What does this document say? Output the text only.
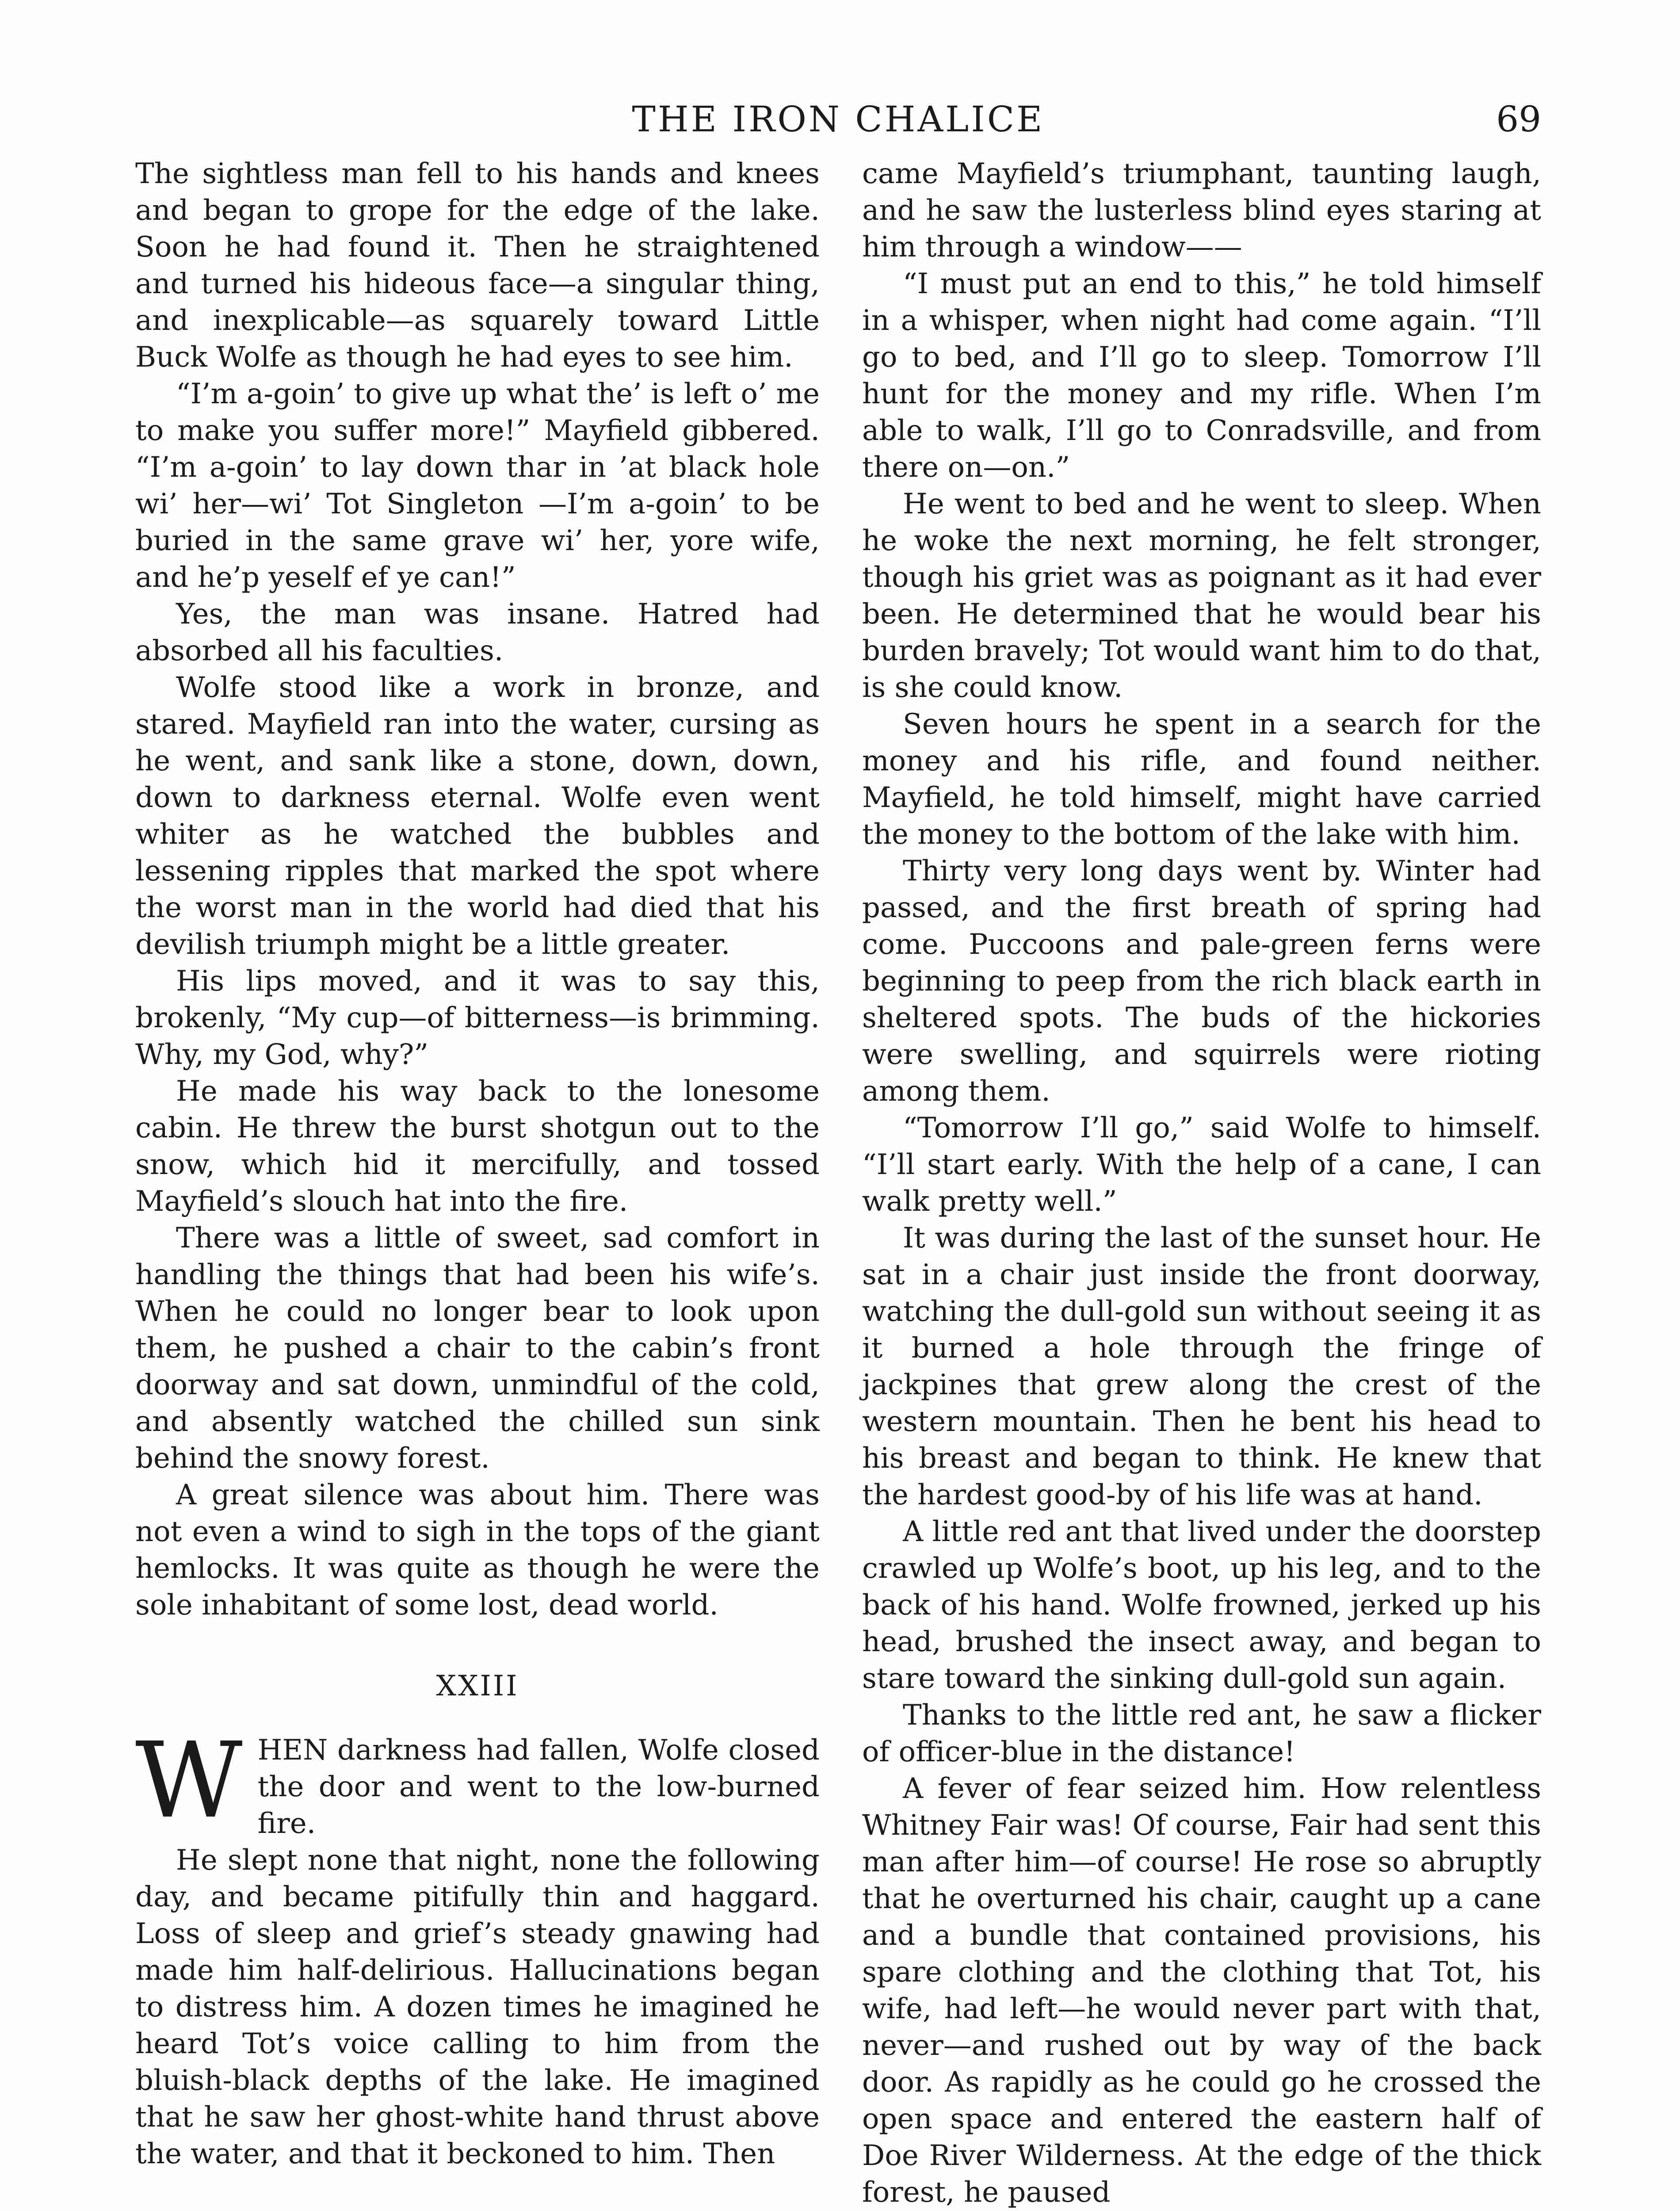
THE IRON CHALICE	69

The sightless man fell to his hands and knees and began to grope for the edge of the lake. Soon he had found it. Then he straightened and turned his hideous face—a singular thing, and inexplicable—as squarely toward Little Buck Wolfe as though he had eyes to see him.

“I’m a-goin’ to give up what the’ is left o’ me to make you suffer more!” Mayfield gibbered. “I’m a-goin’ to lay down thar in ’at black hole wi’ her—wi’ Tot Singleton —I’m a-goin’ to be buried in the same grave wi’ her, yore wife, and he’p yeself ef ye can!”

Yes, the man was insane. Hatred had absorbed all his faculties.

Wolfe stood like a work in bronze, and stared. Mayfield ran into the water, cursing as he went, and sank like a stone, down, down, down to darkness eternal. Wolfe even went whiter as he watched the bubbles and lessening ripples that marked the spot where the worst man in the world had died that his devilish triumph might be a little greater.

His lips moved, and it was to say this, brokenly, “My cup—of bitterness—is brimming. Why, my God, why?”

He made his way back to the lonesome cabin. He threw the burst shotgun out to the snow, which hid it mercifully, and tossed Mayfield’s slouch hat into the fire.

There was a little of sweet, sad comfort in handling the things that had been his wife’s. When he could no longer bear to look upon them, he pushed a chair to the cabin’s front doorway and sat down, unmindful of the cold, and absently watched the chilled sun sink behind the snowy forest.

A great silence was about him. There was not even a wind to sigh in the tops of the giant hemlocks. It was quite as though he were the sole inhabitant of some lost, dead world.

XXIII

WHEN darkness had fallen, Wolfe closed the door and went to the low-burned fire.

He slept none that night, none the following day, and became pitifully thin and haggard. Loss of sleep and grief’s steady gnawing had made him half-delirious. Hallucinations began to distress him. A dozen times he imagined he heard Tot’s voice calling to him from the bluish-black depths of the lake. He imagined that he saw her ghost-white hand thrust above the water, and that it beckoned to him. Then

came Mayfield’s triumphant, taunting laugh, and he saw the lusterless blind eyes staring at him through a window——

“I must put an end to this,” he told himself in a whisper, when night had come again. “I’ll go to bed, and I’ll go to sleep. Tomorrow I’ll hunt for the money and my rifle. When I’m able to walk, I’ll go to Conradsville, and from there on—on.”

He went to bed and he went to sleep. When he woke the next morning, he felt stronger, though his griet was as poignant as it had ever been. He determined that he would bear his burden bravely; Tot would want him to do that, is she could know.

Seven hours he spent in a search for the money and his rifle, and found neither. Mayfield, he told himself, might have carried the money to the bottom of the lake with him.

Thirty very long days went by. Winter had passed, and the first breath of spring had come. Puccoons and pale-green ferns were beginning to peep from the rich black earth in sheltered spots. The buds of the hickories were swelling, and squirrels were rioting among them.

“Tomorrow I’ll go,” said Wolfe to himself. “I’ll start early. With the help of a cane, I can walk pretty well.”

It was during the last of the sunset hour. He sat in a chair just inside the front doorway, watching the dull-gold sun without seeing it as it burned a hole through the fringe of jackpines that grew along the crest of the western mountain. Then he bent his head to his breast and began to think. He knew that the hardest good-by of his life was at hand.

A little red ant that lived under the doorstep crawled up Wolfe’s boot, up his leg, and to the back of his hand. Wolfe frowned, jerked up his head, brushed the insect away, and began to stare toward the sinking dull-gold sun again.

Thanks to the little red ant, he saw a flicker of officer-blue in the distance!

A fever of fear seized him. How relentless Whitney Fair was! Of course, Fair had sent this man after him—of course! He rose so abruptly that he overturned his chair, caught up a cane and a bundle that contained provisions, his spare clothing and the clothing that Tot, his wife, had left—he would never part with that, never—and rushed out by way of the back door. As rapidly as he could go he crossed the open space and entered the eastern half of Doe River Wilderness. At the edge of the thick forest, he paused
